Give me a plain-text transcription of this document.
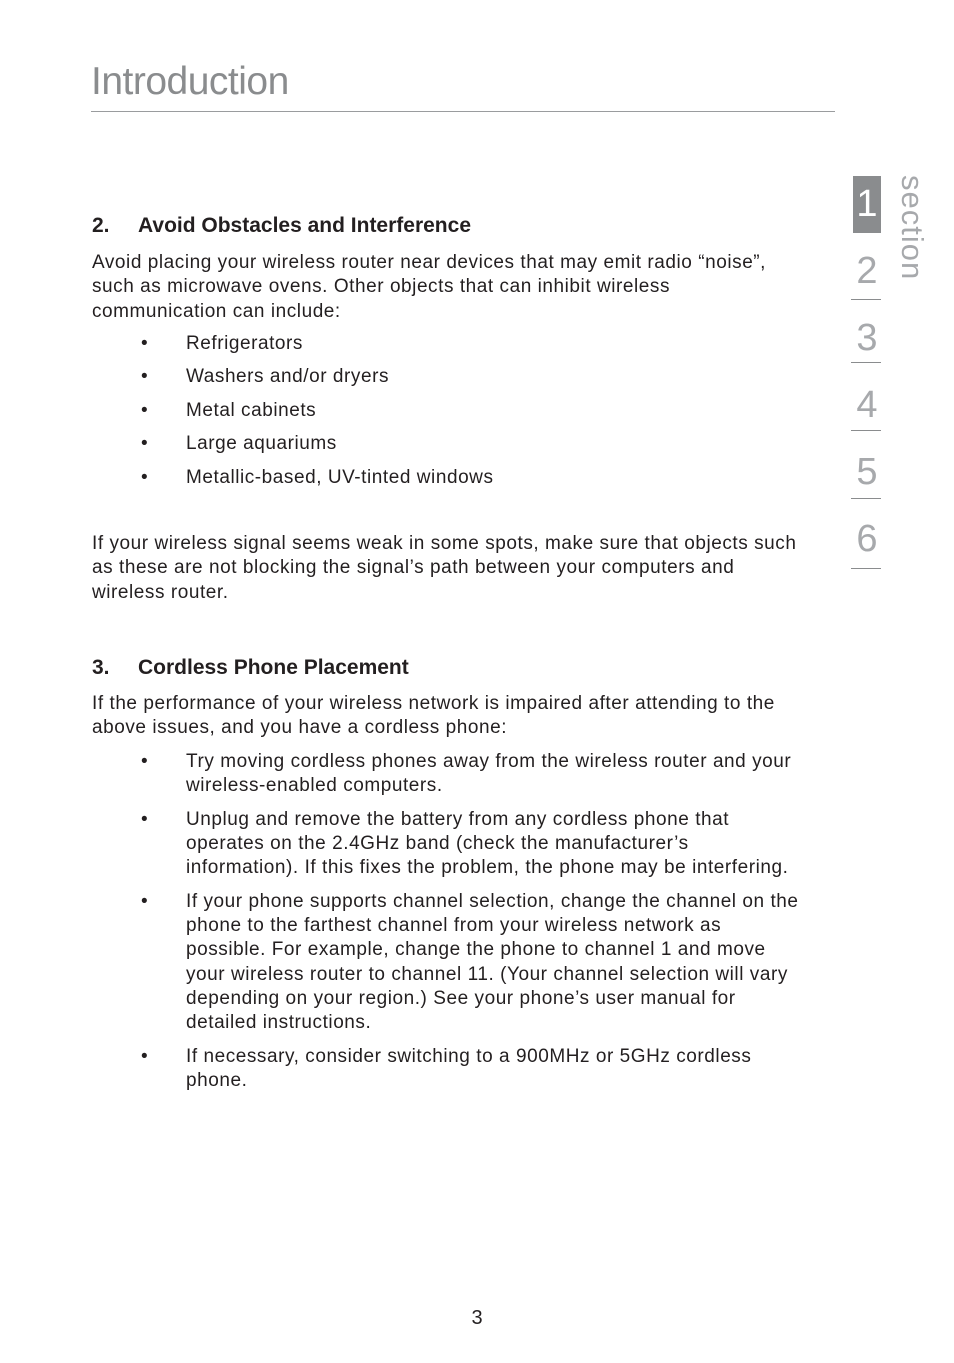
Introduction
2. Avoid Obstacles and Interference

Avoid placing your wireless router near devices that may emit radio “noise”, such as microwave ovens. Other objects that can inhibit wireless communication can include:

• Refrigerators
• Washers and/or dryers
• Metal cabinets
• Large aquariums
• Metallic-based, UV-tinted windows

If your wireless signal seems weak in some spots, make sure that objects such as these are not blocking the signal’s path between your computers and wireless router.

3. Cordless Phone Placement

If the performance of your wireless network is impaired after attending to the above issues, and you have a cordless phone:

• Try moving cordless phones away from the wireless router and your wireless-enabled computers.
• Unplug and remove the battery from any cordless phone that operates on the 2.4GHz band (check the manufacturer’s information). If this fixes the problem, the phone may be interfering.
• If your phone supports channel selection, change the channel on the phone to the farthest channel from your wireless network as possible. For example, change the phone to channel 1 and move your wireless router to channel 11. (Your channel selection will vary depending on your region.) See your phone’s user manual for detailed instructions.
• If necessary, consider switching to a 900MHz or 5GHz cordless phone.
1
2
3
4
5
6
section
3
